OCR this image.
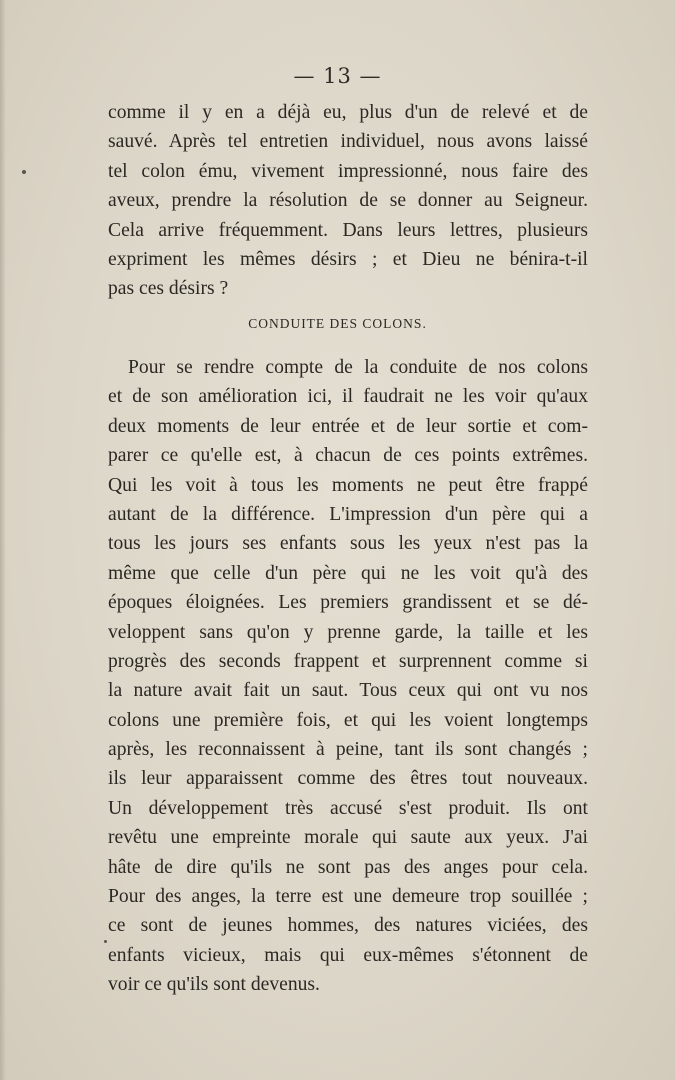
— 13 —
comme il y en a déjà eu, plus d'un de relevé et de
sauvé. Après tel entretien individuel, nous avons laissé
tel colon ému, vivement impressionné, nous faire des
aveux, prendre la résolution de se donner au Seigneur.
Cela arrive fréquemment. Dans leurs lettres, plusieurs
expriment les mêmes désirs ; et Dieu ne bénira-t-il
pas ces désirs ?
CONDUITE DES COLONS.
Pour se rendre compte de la conduite de nos colons
et de son amélioration ici, il faudrait ne les voir qu'aux
deux moments de leur entrée et de leur sortie et com-
parer ce qu'elle est, à chacun de ces points extrêmes.
Qui les voit à tous les moments ne peut être frappé
autant de la différence. L'impression d'un père qui a
tous les jours ses enfants sous les yeux n'est pas la
même que celle d'un père qui ne les voit qu'à des
époques éloignées. Les premiers grandissent et se dé-
veloppent sans qu'on y prenne garde, la taille et les
progrès des seconds frappent et surprennent comme si
la nature avait fait un saut. Tous ceux qui ont vu nos
colons une première fois, et qui les voient longtemps
après, les reconnaissent à peine, tant ils sont changés ;
ils leur apparaissent comme des êtres tout nouveaux.
Un développement très accusé s'est produit. Ils ont
revêtu une empreinte morale qui saute aux yeux. J'ai
hâte de dire qu'ils ne sont pas des anges pour cela.
Pour des anges, la terre est une demeure trop souillée ;
ce sont de jeunes hommes, des natures viciées, des
enfants vicieux, mais qui eux-mêmes s'étonnent de
voir ce qu'ils sont devenus.
